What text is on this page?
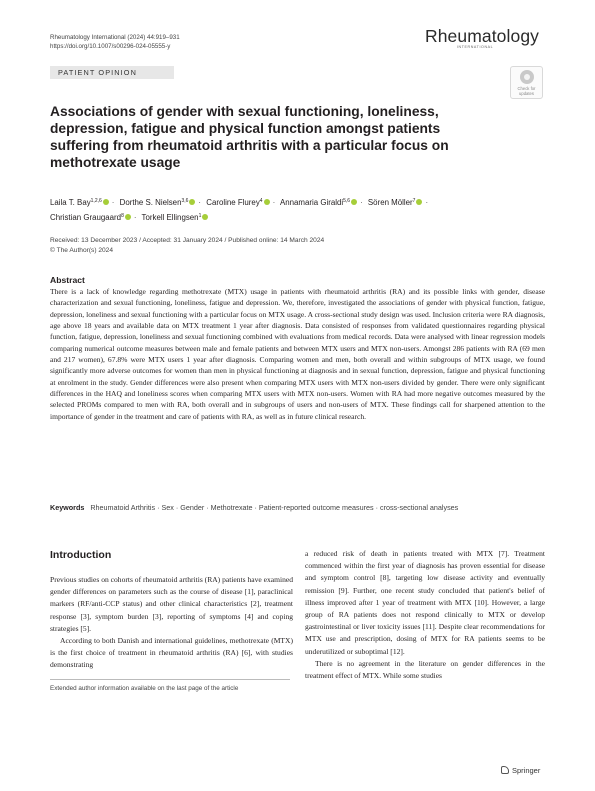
Rheumatology International (2024) 44:919–931
https://doi.org/10.1007/s00296-024-05555-y
Rheumatology
INTERNATIONAL
PATIENT OPINION
Check for
updates
Associations of gender with sexual functioning, loneliness, depression, fatigue and physical function amongst patients suffering from rheumatoid arthritis with a particular focus on methotrexate usage
Laila T. Bay$^{1,2,6}$ · Dorthe S. Nielsen$^{3,6}$ · Caroline Flurey$^4$ · Annamaria Giraldi$^{5,6}$ · Sören Möller$^7$ ·
Christian Graugaard$^8$ · Torkell Ellingsen$^1$
Received: 13 December 2023 / Accepted: 31 January 2024 / Published online: 14 March 2024
© The Author(s) 2024
Abstract
There is a lack of knowledge regarding methotrexate (MTX) usage in patients with rheumatoid arthritis (RA) and its possible links with gender, disease characterization and sexual functioning, loneliness, fatigue and depression. We, therefore, investigated the associations of gender with physical function, fatigue, depression, loneliness and sexual functioning with a particular focus on MTX usage. A cross-sectional study design was used. Inclusion criteria were RA diagnosis, age above 18 years and available data on MTX treatment 1 year after diagnosis. Data consisted of responses from validated questionnaires regarding physical function, fatigue, depression, loneliness and sexual functioning combined with evaluations from medical records. Data were analysed with linear regression models comparing numerical outcome measures between male and female patients and between MTX users and MTX non-users. Amongst 286 patients with RA (69 men and 217 women), 67.8% were MTX users 1 year after diagnosis. Comparing women and men, both overall and within subgroups of MTX usage, we found significantly more adverse outcomes for women than men in physical functioning at diagnosis and in sexual function, depression, fatigue and physical functioning at enrolment in the study. Gender differences were also present when comparing MTX users with MTX non-users divided by gender. There were only significant differences in the HAQ and loneliness scores when comparing MTX users with MTX non-users. Women with RA had more negative outcomes measured by the selected PROMs compared to men with RA, both overall and in subgroups of users and non-users of MTX. These findings call for sharpened attention to the importance of gender in the treatment and care of patients with RA, as well as in future clinical research.
Keywords Rheumatoid Arthritis · Sex · Gender · Methotrexate · Patient-reported outcome measures · cross-sectional analyses
Introduction

Previous studies on cohorts of rheumatoid arthritis (RA) patients have examined gender differences on parameters such as the course of disease [1], paraclinical markers (RF/anti-CCP status) and other clinical characteristics [2], treatment response [3], symptom burden [3], reporting of symptoms [4] and coping strategies [5].

According to both Danish and international guidelines, methotrexate (MTX) is the first choice of treatment in rheumatoid arthritis (RA) [6], with studies demonstrating

a reduced risk of death in patients treated with MTX [7]. Treatment commenced within the first year of diagnosis has proven essential for disease and symptom control [8], targeting low disease activity and eventually remission [9]. Further, one recent study concluded that patient's belief of illness improved after 1 year of treatment with MTX [10]. However, a large group of RA patients does not respond clinically to MTX or develop gastrointestinal or liver toxicity issues [11]. Despite clear recommendations for MTX use and prescription, dosing of MTX for RA patients seems to be underutilized or suboptimal [12].

There is no agreement in the literature on gender differences in the treatment effect of MTX. While some studies

Extended author information available on the last page of the article
Springer
